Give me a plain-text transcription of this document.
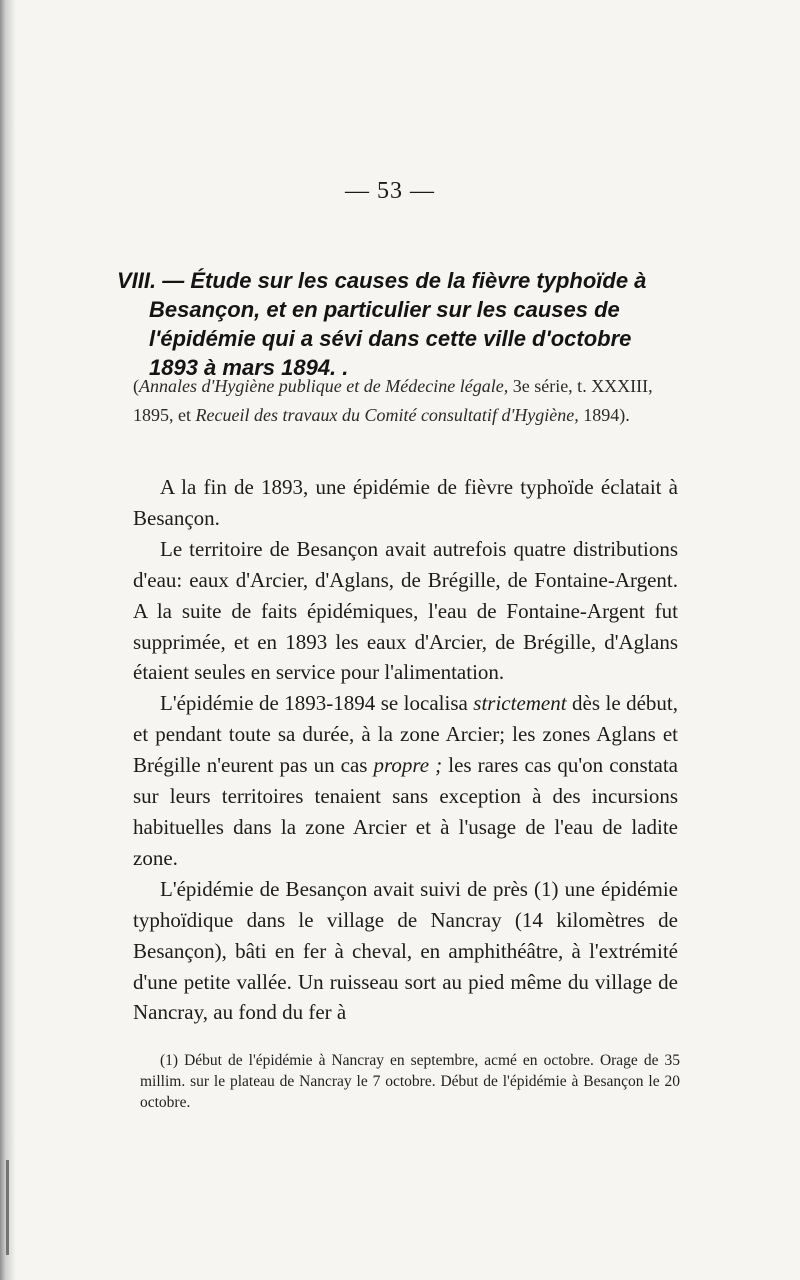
— 53 —
VIII. — Étude sur les causes de la fièvre typhoïde à
Besançon, et en particulier sur les causes de l'épidémie qui a sévi dans cette ville d'octobre 1893 à mars 1894. .
(Annales d'Hygiène publique et de Médecine légale, 3e série, t. XXXIII, 1895, et Recueil des travaux du Comité consultatif d'Hygiène, 1894).

A la fin de 1893, une épidémie de fièvre typhoïde éclatait à Besançon.

Le territoire de Besançon avait autrefois quatre distributions d'eau: eaux d'Arcier, d'Aglans, de Brégille, de Fontaine-Argent. A la suite de faits épidémiques, l'eau de Fontaine-Argent fut supprimée, et en 1893 les eaux d'Arcier, de Brégille, d'Aglans étaient seules en service pour l'alimentation.

L'épidémie de 1893-1894 se localisa strictement dès le début, et pendant toute sa durée, à la zone Arcier; les zones Aglans et Brégille n'eurent pas un cas propre ; les rares cas qu'on constata sur leurs territoires tenaient sans exception à des incursions habituelles dans la zone Arcier et à l'usage de l'eau de ladite zone.

L'épidémie de Besançon avait suivi de près (1) une épidémie typhoïdique dans le village de Nancray (14 kilomètres de Besançon), bâti en fer à cheval, en amphithéâtre, à l'extrémité d'une petite vallée. Un ruisseau sort au pied même du village de Nancray, au fond du fer à

(1) Début de l'épidémie à Nancray en septembre, acmé en octobre. Orage de 35 millim. sur le plateau de Nancray le 7 octobre. Début de l'épidémie à Besançon le 20 octobre.
